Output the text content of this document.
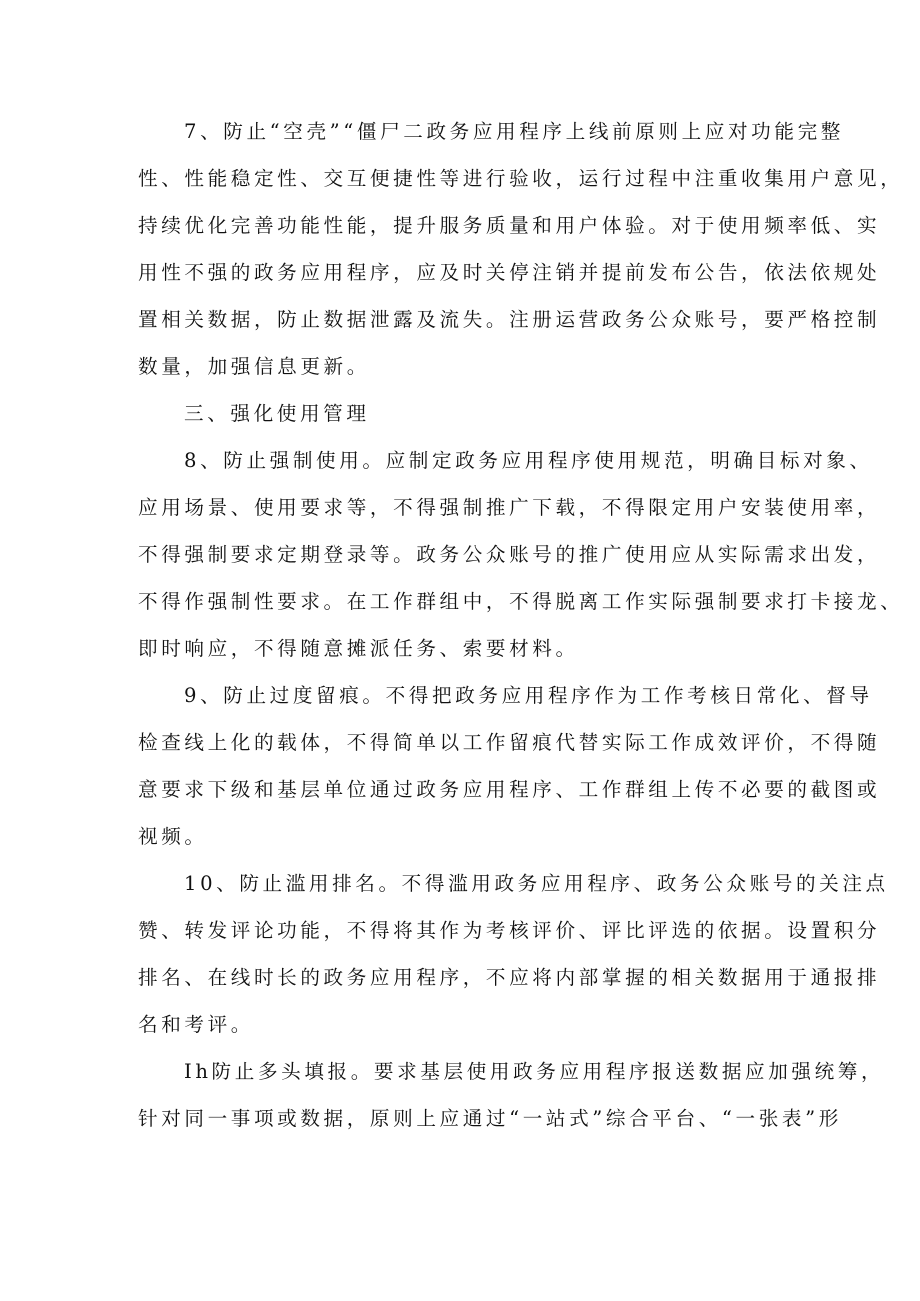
7、防止“空壳”“僵尸二政务应用程序上线前原则上应对功能完整
性、性能稳定性、交互便捷性等进行验收，运行过程中注重收集用户意见，
持续优化完善功能性能，提升服务质量和用户体验。对于使用频率低、实
用性不强的政务应用程序，应及时关停注销并提前发布公告，依法依规处
置相关数据，防止数据泄露及流失。注册运营政务公众账号，要严格控制
数量，加强信息更新。
三、强化使用管理
8、防止强制使用。应制定政务应用程序使用规范，明确目标对象、
应用场景、使用要求等，不得强制推广下载，不得限定用户安装使用率，
不得强制要求定期登录等。政务公众账号的推广使用应从实际需求出发，
不得作强制性要求。在工作群组中，不得脱离工作实际强制要求打卡接龙、
即时响应，不得随意摊派任务、索要材料。
9、防止过度留痕。不得把政务应用程序作为工作考核日常化、督导
检查线上化的载体，不得简单以工作留痕代替实际工作成效评价，不得随
意要求下级和基层单位通过政务应用程序、工作群组上传不必要的截图或
视频。
10、防止滥用排名。不得滥用政务应用程序、政务公众账号的关注点
赞、转发评论功能，不得将其作为考核评价、评比评选的依据。设置积分
排名、在线时长的政务应用程序，不应将内部掌握的相关数据用于通报排
名和考评。
Ih防止多头填报。要求基层使用政务应用程序报送数据应加强统筹，
针对同一事项或数据，原则上应通过“一站式”综合平台、“一张表”形
